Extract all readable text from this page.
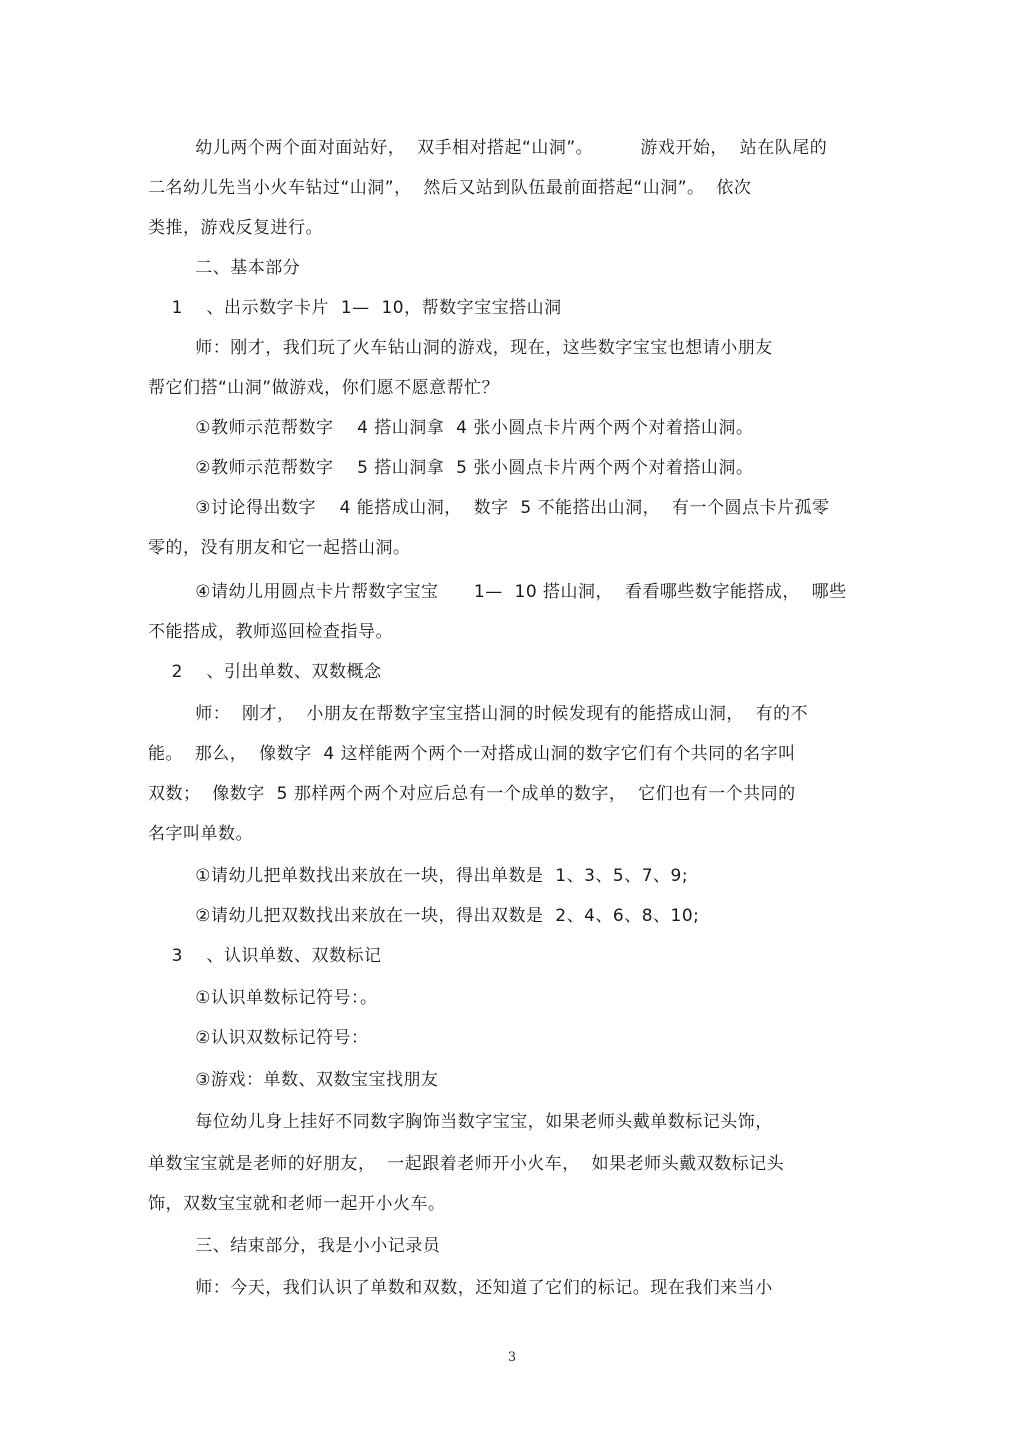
幼儿两个两个面对面站好，  双手相对搭起“山洞”。        游戏开始，  站在队尾的
二名幼儿先当小火车钻过“山洞”，  然后又站到队伍最前面搭起“山洞”。  依次
类推，游戏反复进行。
二、基本部分
1    、出示数字卡片  1—  10，帮数字宝宝搭山洞
师：刚才，我们玩了火车钻山洞的游戏，现在，这些数字宝宝也想请小朋友
帮它们搭“山洞”做游戏，你们愿不愿意帮忙？
①教师示范帮数字    4 搭山洞拿  4 张小圆点卡片两个两个对着搭山洞。
②教师示范帮数字    5 搭山洞拿  5 张小圆点卡片两个两个对着搭山洞。
③讨论得出数字    4 能搭成山洞，  数字  5 不能搭出山洞，  有一个圆点卡片孤零
零的，没有朋友和它一起搭山洞。
④请幼儿用圆点卡片帮数字宝宝      1—  10 搭山洞，  看看哪些数字能搭成，  哪些
不能搭成，教师巡回检查指导。
2    、引出单数、双数概念
师：  刚才，  小朋友在帮数字宝宝搭山洞的时候发现有的能搭成山洞，  有的不
能。  那么，  像数字  4 这样能两个两个一对搭成山洞的数字它们有个共同的名字叫
双数；  像数字  5 那样两个两个对应后总有一个成单的数字，  它们也有一个共同的
名字叫单数。
①请幼儿把单数找出来放在一块，得出单数是  1、3、5、7、9;
②请幼儿把双数找出来放在一块，得出双数是  2、4、6、8、10;
3    、认识单数、双数标记
①认识单数标记符号：。
②认识双数标记符号：
③游戏：单数、双数宝宝找朋友
每位幼儿身上挂好不同数字胸饰当数字宝宝，如果老师头戴单数标记头饰，
单数宝宝就是老师的好朋友，  一起跟着老师开小火车，  如果老师头戴双数标记头
饰，双数宝宝就和老师一起开小火车。
三、结束部分，我是小小记录员
师：今天，我们认识了单数和双数，还知道了它们的标记。现在我们来当小
3
